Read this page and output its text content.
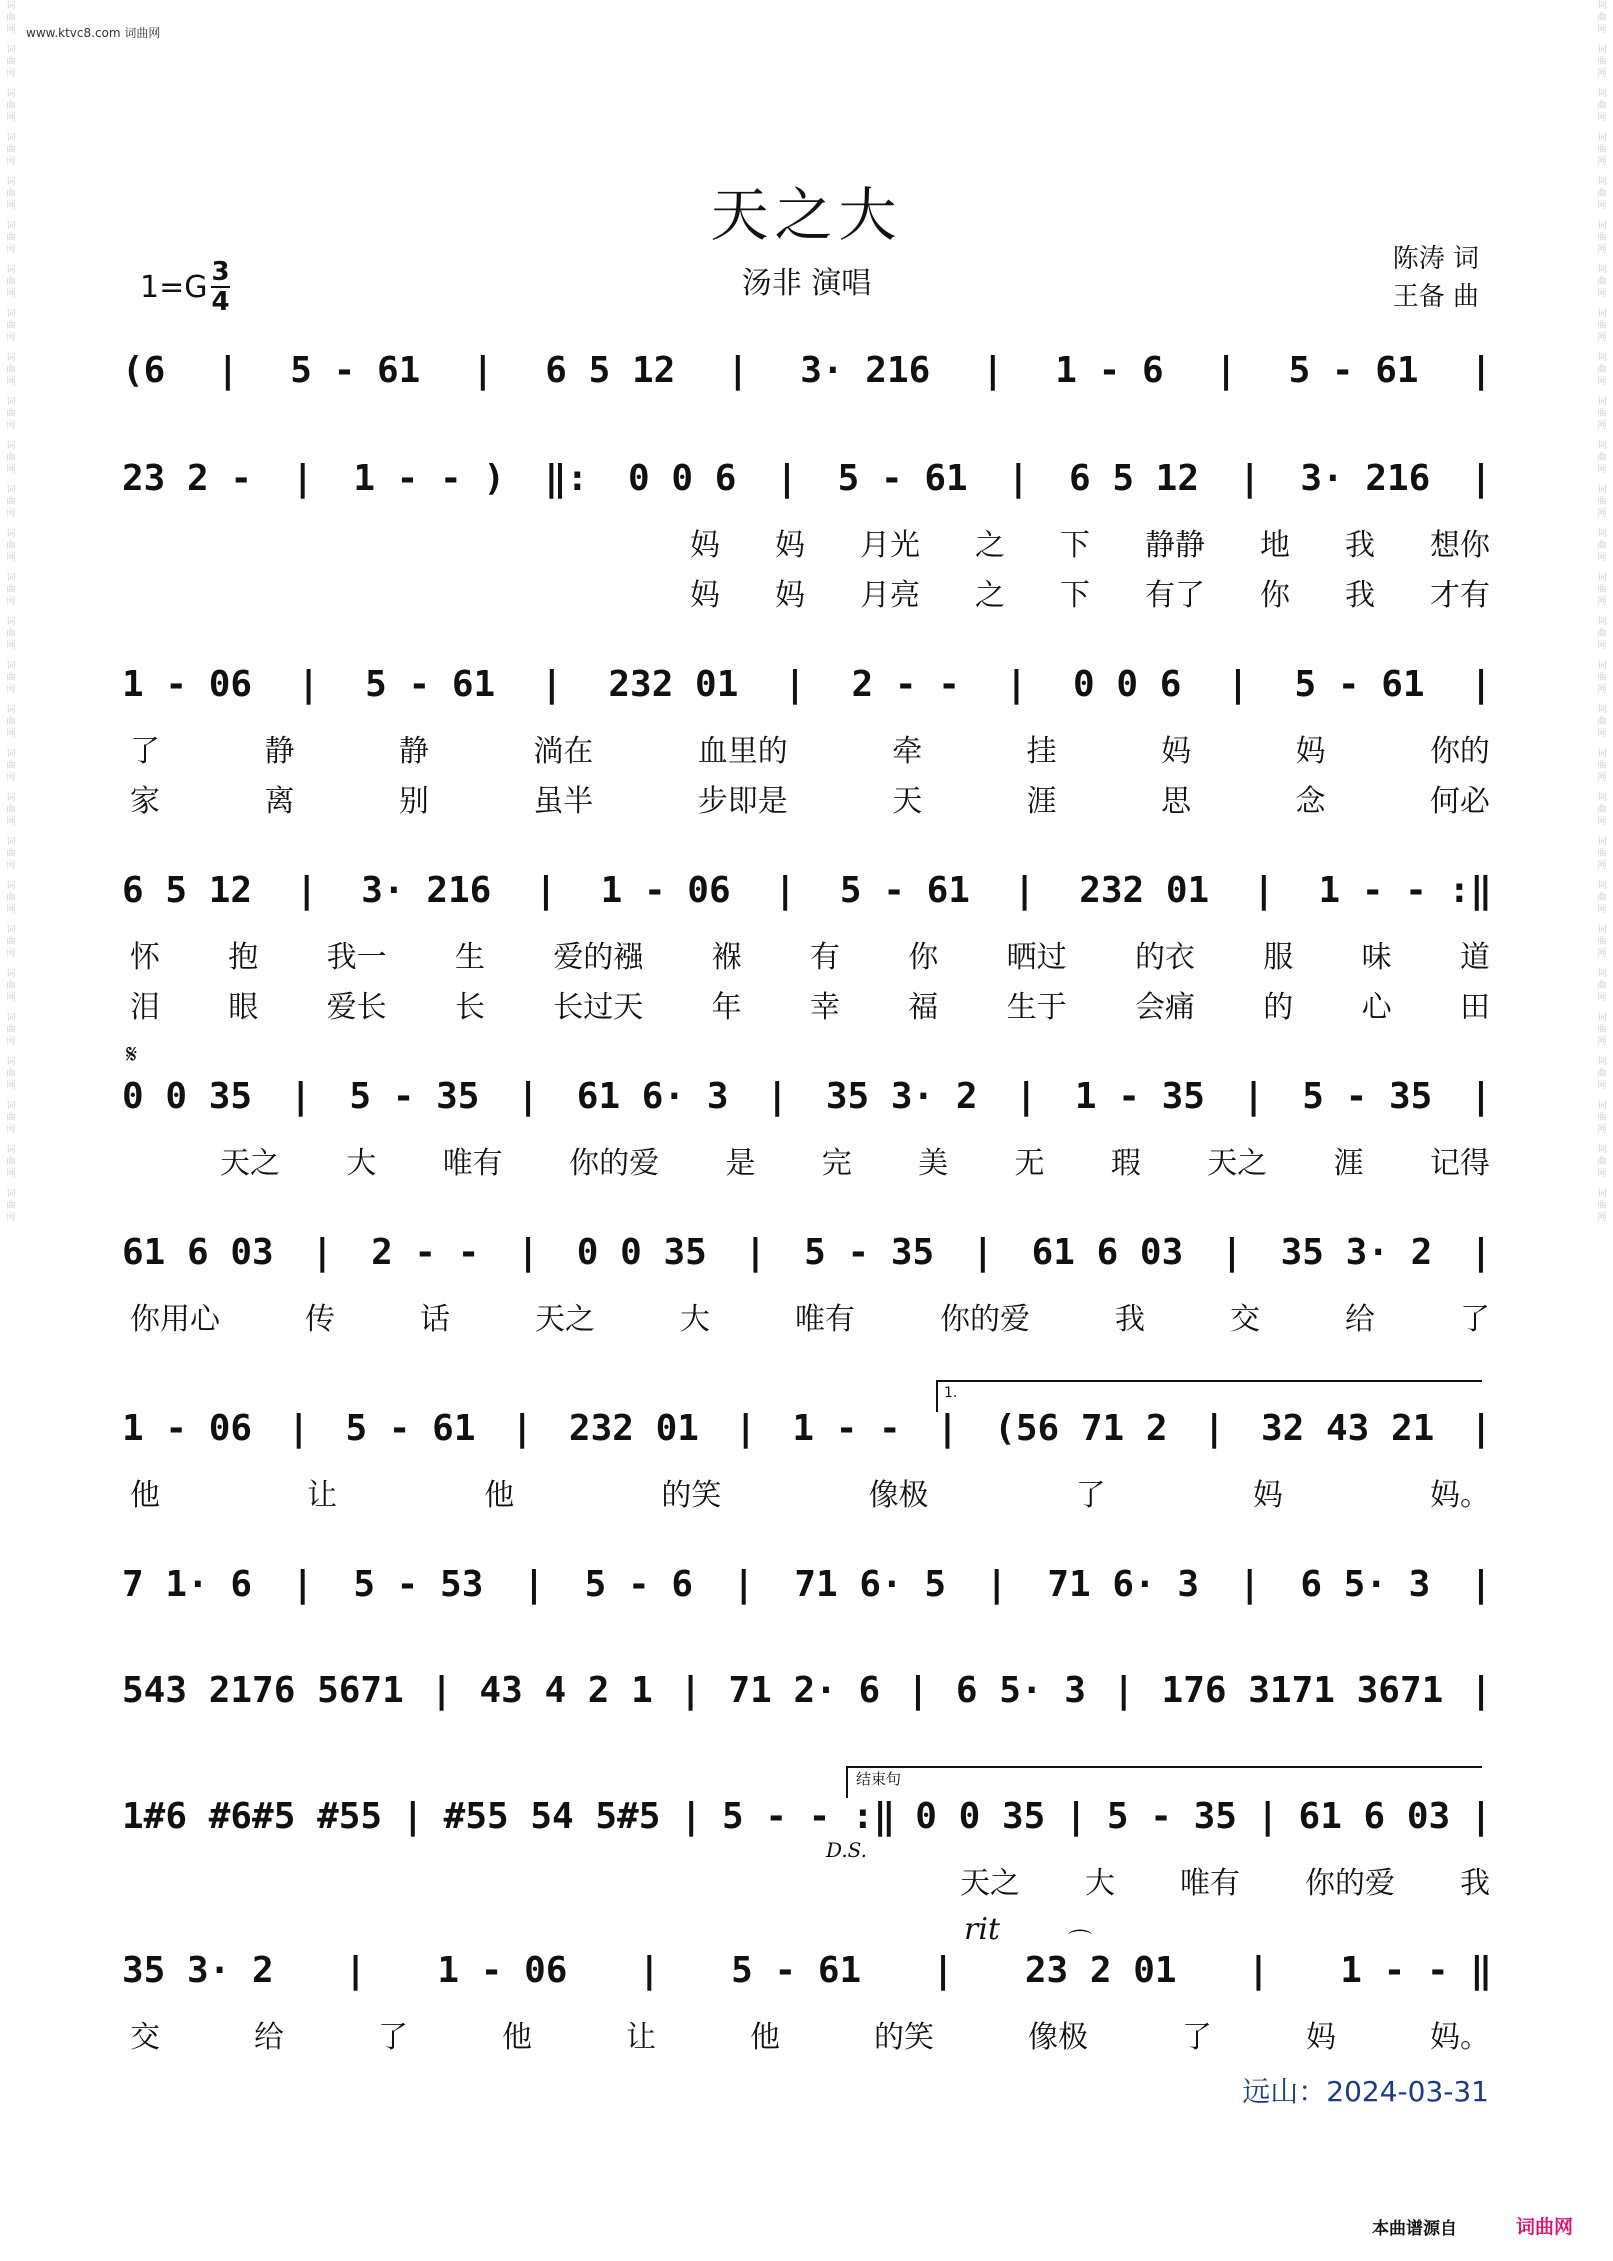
词
曲
网
词
曲
网
词
曲
网
词
曲
网
词
曲
网
词
曲
网
词
曲
网
词
曲
网
词
曲
网
词
曲
网
词
曲
网
词
曲
网
词
曲
网
词
曲
网
词
曲
网
词
曲
网
词
曲
网
词
曲
网
词
曲
网
词
曲
网
词
曲
网
词
曲
网
词
曲
网
词
曲
网
词
曲
网
词
曲
网
词
曲
网
词
曲
网
词
曲
网
词
曲
网
词
曲
网
词
曲
网
词
曲
网
词
曲
网
词
曲
网
词
曲
网
词
曲
网
词
曲
网
词
曲
网
词
曲
网
词
曲
网
词
曲
网
词
曲
网
词
曲
网
词
曲
网
词
曲
网
词
曲
网
词
曲
网
词
曲
网
词
曲
网
词
曲
网
词
曲
网
词
曲
网
词
曲
网
词
曲
网
词
曲
网
www.ktvc8.com 词曲网
天之大
$1=G \frac{3}{4}$	汤非 演唱
陈涛 词
王备 曲
(6 | 5 - 61 | 6 5 12 | 3· 216 | 1 - 6 | 5 - 61 |
23 2 - | 1 - - ) ‖: 0 0 6 | 5 - 61 | 6 5 12 | 3· 216 |
妈 妈 月光 之 下 静静 地 我 想你
妈 妈 月亮 之 下 有了 你 我 才有
1 - 06 | 5 - 61 | 232 01 | 2 - - | 0 0 6 | 5 - 61 |
了	静	静	淌在	血里的	牵	挂	妈	妈	你的
家	离	别	虽半	步即是	天	涯	思	念	何必
6 5 12 | 3· 216 | 1 - 06 | 5 - 61 | 232 01 | 1 - - :‖
怀 抱 我一 生 爱的襁 褓 有 你 晒过 的衣 服 味 道
泪 眼 爱长 长 长过天 年 幸 福 生于 会痛 的 心 田
0 0 35 | 5 - 35 | 61 6· 3 | 35 3· 2 | 1 - 35 | 5 - 35 |
天之 大 唯有 你的爱 是 完 美 无 瑕 天之 涯 记得
61 6 03 | 2 - - | 0 0 35 | 5 - 35 | 61 6 03 | 35 3· 2 |
你用心	传	话	天之	大	唯有	你的爱	我	交	给	了
1 - 06 | 5 - 61 | 232 01 | 1 - - | (56 71 2 | 32 43 21 |
他	让	他	的笑	像极	了	妈	妈。
7 1· 6 | 5 - 53 | 5 - 6 | 71 6· 5 | 71 6· 3 | 6 5· 3 |
543 2176 5671 | 43 4 2 1 | 71 2· 6 | 6 5· 3 | 176 3171 3671 |
1#6 #6#5 #55 | #55 54 5#5 | 5 - - :‖ 0 0 35 | 5 - 35 | 61 6 03 |
天之 大 唯有 你的爱 我
35 3· 2 | 1 - 06 | 5 - 61 | 23 2 01 | 1 - - ‖
交	给	了	他	让	他	的笑	像极	了	妈	妈。
1.
结束句
𝄋
D.S.
rit	⌒
远山：2024-03-31
本曲谱源自	词曲网
